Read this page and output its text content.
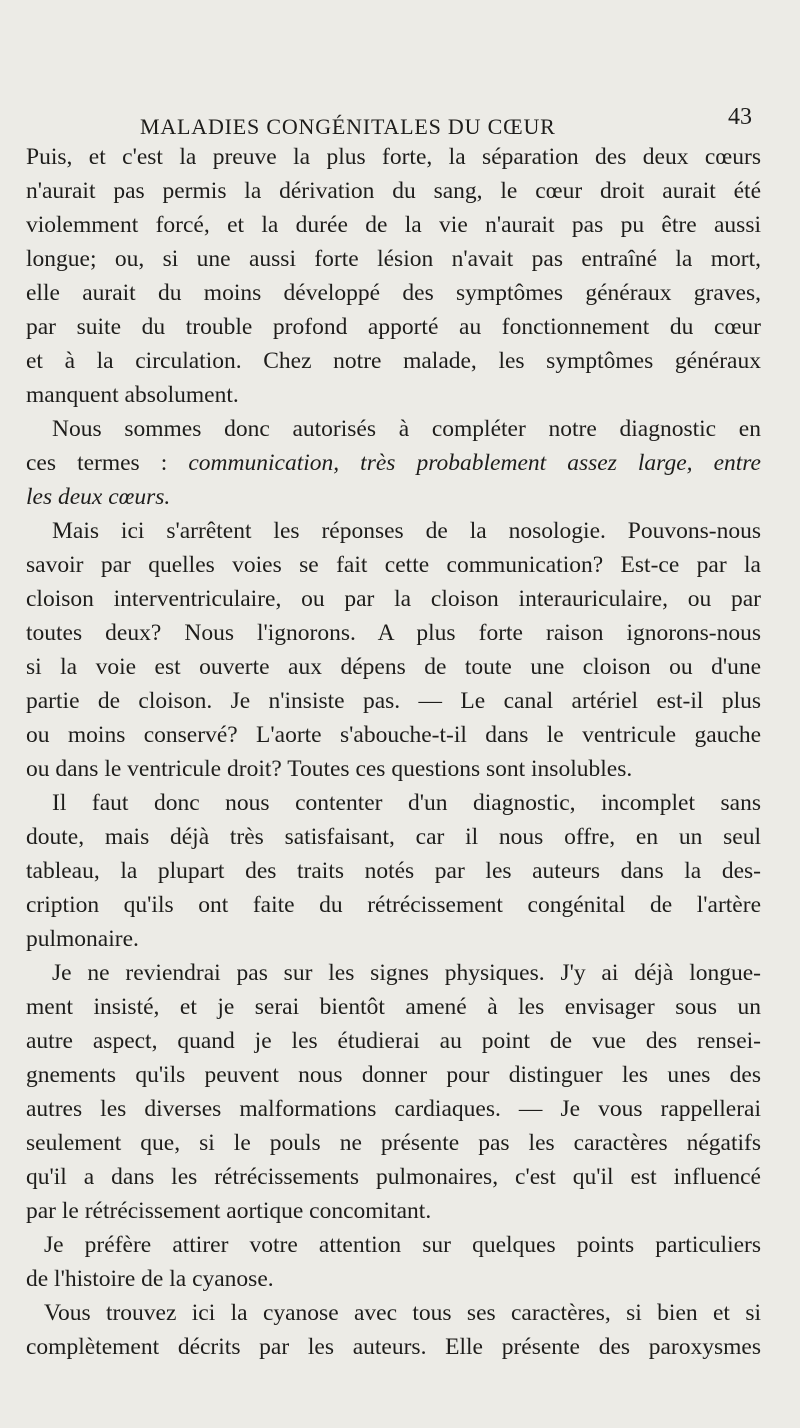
MALADIES CONGÉNITALES DU CŒUR	43
Puis, et c'est la preuve la plus forte, la séparation des deux cœurs
n'aurait pas permis la dérivation du sang, le cœur droit aurait été
violemment forcé, et la durée de la vie n'aurait pas pu être aussi
longue; ou, si une aussi forte lésion n'avait pas entraîné la mort,
elle aurait du moins développé des symptômes généraux graves,
par suite du trouble profond apporté au fonctionnement du cœur
et à la circulation. Chez notre malade, les symptômes généraux
manquent absolument.
Nous sommes donc autorisés à compléter notre diagnostic en
ces termes : communication, très probablement assez large, entre
les deux cœurs.
Mais ici s'arrêtent les réponses de la nosologie. Pouvons-nous
savoir par quelles voies se fait cette communication? Est-ce par la
cloison interventriculaire, ou par la cloison interauriculaire, ou par
toutes deux? Nous l'ignorons. A plus forte raison ignorons-nous
si la voie est ouverte aux dépens de toute une cloison ou d'une
partie de cloison. Je n'insiste pas. — Le canal artériel est-il plus
ou moins conservé? L'aorte s'abouche-t-il dans le ventricule gauche
ou dans le ventricule droit? Toutes ces questions sont insolubles.
Il faut donc nous contenter d'un diagnostic, incomplet sans
doute, mais déjà très satisfaisant, car il nous offre, en un seul
tableau, la plupart des traits notés par les auteurs dans la des-
cription qu'ils ont faite du rétrécissement congénital de l'artère
pulmonaire.
Je ne reviendrai pas sur les signes physiques. J'y ai déjà longue-
ment insisté, et je serai bientôt amené à les envisager sous un
autre aspect, quand je les étudierai au point de vue des rensei-
gnements qu'ils peuvent nous donner pour distinguer les unes des
autres les diverses malformations cardiaques. — Je vous rappellerai
seulement que, si le pouls ne présente pas les caractères négatifs
qu'il a dans les rétrécissements pulmonaires, c'est qu'il est influencé
par le rétrécissement aortique concomitant.
Je préfère attirer votre attention sur quelques points particuliers
de l'histoire de la cyanose.
Vous trouvez ici la cyanose avec tous ses caractères, si bien et si
complètement décrits par les auteurs. Elle présente des paroxysmes
